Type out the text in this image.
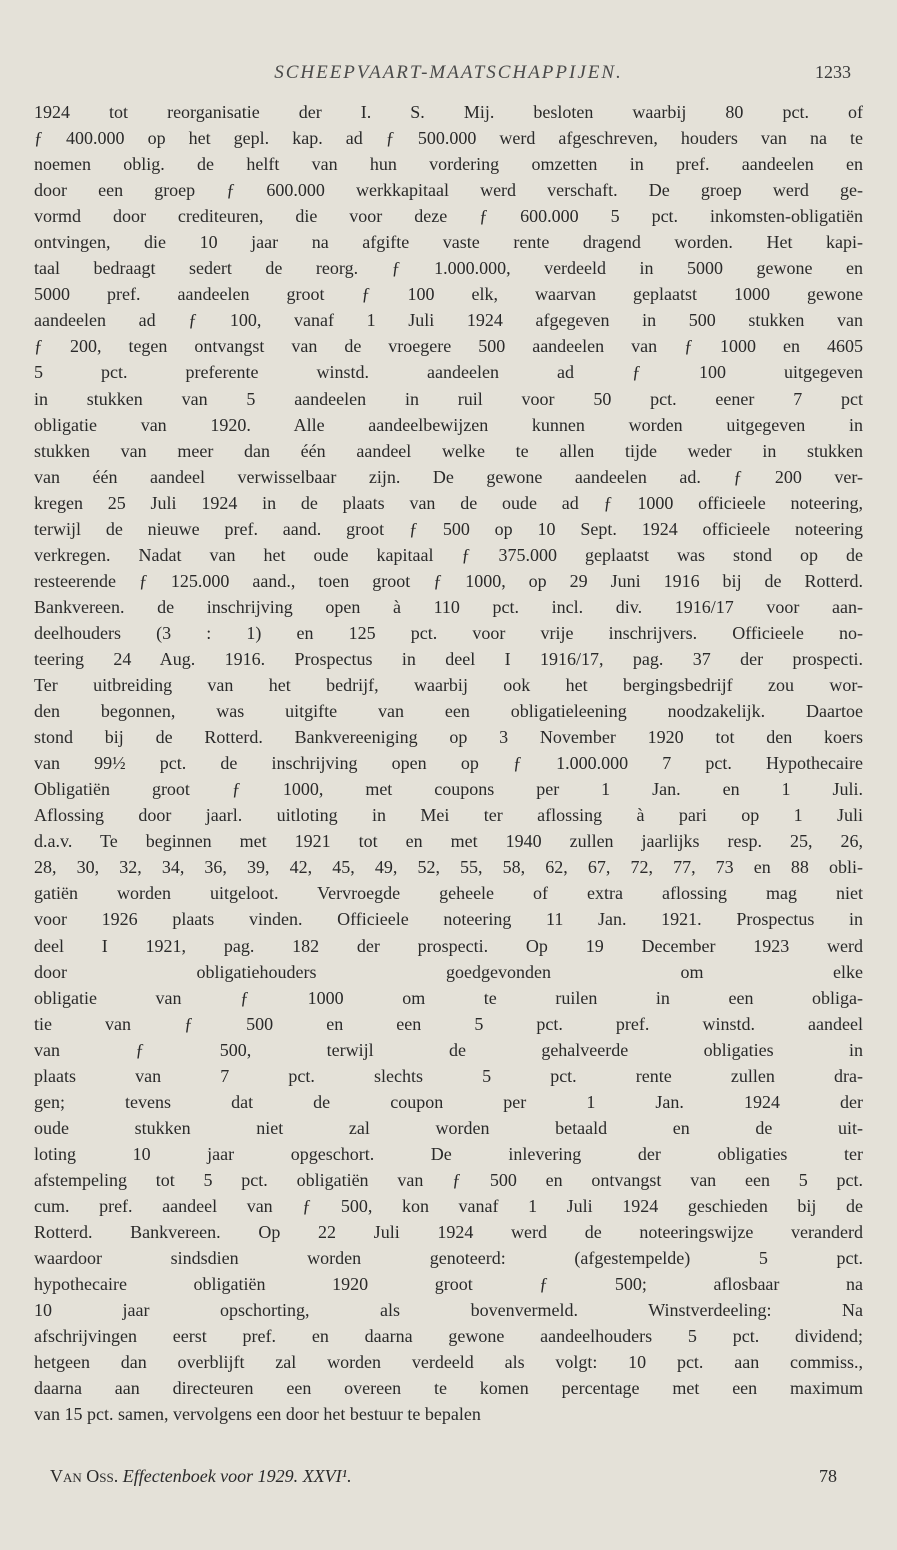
SCHEEPVAART-MAATSCHAPPIJEN.	1233
1924 tot reorganisatie der I. S. Mij. besloten waarbij 80 pct. of
ƒ 400.000 op het gepl. kap. ad ƒ 500.000 werd afgeschreven, houders van na te
noemen oblig. de helft van hun vordering omzetten in pref. aandeelen en
door een groep ƒ 600.000 werkkapitaal werd verschaft. De groep werd ge-
vormd door crediteuren, die voor deze ƒ 600.000 5 pct. inkomsten-obligatiën
ontvingen, die 10 jaar na afgifte vaste rente dragend worden. Het kapi-
taal bedraagt sedert de reorg. ƒ 1.000.000, verdeeld in 5000 gewone en
5000 pref. aandeelen groot ƒ 100 elk, waarvan geplaatst 1000 gewone
aandeelen ad ƒ 100, vanaf 1 Juli 1924 afgegeven in 500 stukken van
ƒ 200, tegen ontvangst van de vroegere 500 aandeelen van ƒ 1000 en 4605
5 pct. preferente winstd. aandeelen ad ƒ 100 uitgegeven
in stukken van 5 aandeelen in ruil voor 50 pct. eener 7 pct
obligatie van 1920. Alle aandeelbewijzen kunnen worden uitgegeven in
stukken van meer dan één aandeel welke te allen tijde weder in stukken
van één aandeel verwisselbaar zijn. De gewone aandeelen ad. ƒ 200 ver-
kregen 25 Juli 1924 in de plaats van de oude ad ƒ 1000 officieele noteering,
terwijl de nieuwe pref. aand. groot ƒ 500 op 10 Sept. 1924 officieele noteering
verkregen. Nadat van het oude kapitaal ƒ 375.000 geplaatst was stond op de
resteerende ƒ 125.000 aand., toen groot ƒ 1000, op 29 Juni 1916 bij de Rotterd.
Bankvereen. de inschrijving open à 110 pct. incl. div. 1916/17 voor aan-
deelhouders (3 : 1) en 125 pct. voor vrije inschrijvers. Officieele no-
teering 24 Aug. 1916. Prospectus in deel I 1916/17, pag. 37 der prospecti.
Ter uitbreiding van het bedrijf, waarbij ook het bergingsbedrijf zou wor-
den begonnen, was uitgifte van een obligatieleening noodzakelijk. Daartoe
stond bij de Rotterd. Bankvereeniging op 3 November 1920 tot den koers
van 99½ pct. de inschrijving open op ƒ 1.000.000 7 pct. Hypothecaire
Obligatiën groot ƒ 1000, met coupons per 1 Jan. en 1 Juli.
Aflossing door jaarl. uitloting in Mei ter aflossing à pari op 1 Juli
d.a.v. Te beginnen met 1921 tot en met 1940 zullen jaarlijks resp. 25, 26,
28, 30, 32, 34, 36, 39, 42, 45, 49, 52, 55, 58, 62, 67, 72, 77, 73 en 88 obli-
gatiën worden uitgeloot. Vervroegde geheele of extra aflossing mag niet
voor 1926 plaats vinden. Officieele noteering 11 Jan. 1921. Prospectus in
deel I 1921, pag. 182 der prospecti. Op 19 December 1923 werd
door obligatiehouders goedgevonden om elke
obligatie van ƒ 1000 om te ruilen in een obliga-
tie van ƒ 500 en een 5 pct. pref. winstd. aandeel
van ƒ 500, terwijl de gehalveerde obligaties in
plaats van 7 pct. slechts 5 pct. rente zullen dra-
gen; tevens dat de coupon per 1 Jan. 1924 der
oude stukken niet zal worden betaald en de uit-
loting 10 jaar opgeschort. De inlevering der obligaties ter
afstempeling tot 5 pct. obligatiën van ƒ 500 en ontvangst van een 5 pct.
cum. pref. aandeel van ƒ 500, kon vanaf 1 Juli 1924 geschieden bij de
Rotterd. Bankvereen. Op 22 Juli 1924 werd de noteeringswijze veranderd
waardoor sindsdien worden genoteerd: (afgestempelde) 5 pct.
hypothecaire obligatiën 1920 groot ƒ 500; aflosbaar na
10 jaar opschorting, als bovenvermeld. Winstverdeeling: Na
afschrijvingen eerst pref. en daarna gewone aandeelhouders 5 pct. dividend;
hetgeen dan overblijft zal worden verdeeld als volgt: 10 pct. aan commiss.,
daarna aan directeuren een overeen te komen percentage met een maximum
van 15 pct. samen, vervolgens een door het bestuur te bepalen
Van Oss. Effectenboek voor 1929. XXVI¹.	78
